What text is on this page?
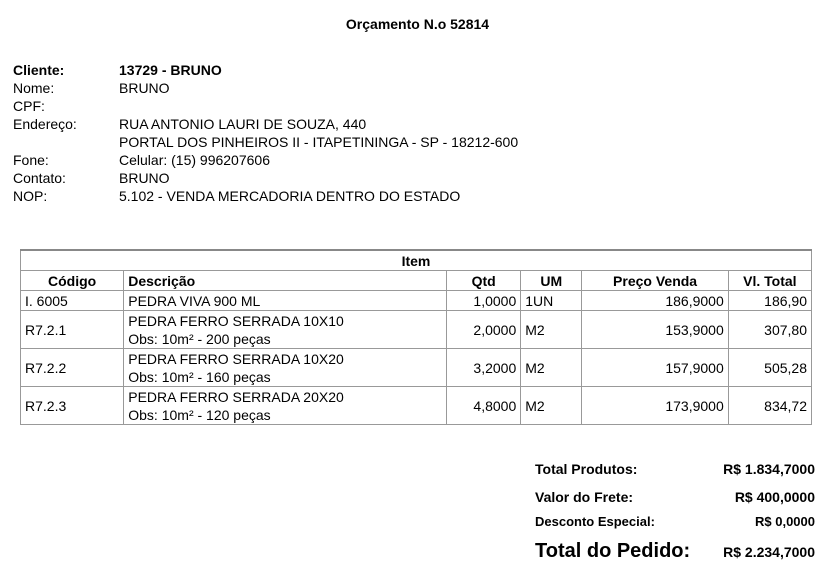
Orçamento N.o 52814
Cliente:	13729 - BRUNO
Nome:	BRUNO
CPF:
Endereço:	RUA ANTONIO LAURI DE SOUZA, 440
PORTAL DOS PINHEIROS II - ITAPETININGA - SP - 18212-600
Fone:	Celular: (15) 996207606
Contato:	BRUNO
NOP:	5.102 - VENDA MERCADORIA DENTRO DO ESTADO
Item					
Código	Descrição	Qtd	UM	Preço Venda	Vl. Total
I. 6005	PEDRA VIVA 900 ML	1,0000	1UN	186,9000	186,90
R7.2.1	PEDRA FERRO SERRADA 10X10
Obs: 10m² - 200 peças	2,0000	M2	153,9000	307,80
R7.2.2	PEDRA FERRO SERRADA 10X20
Obs: 10m² - 160 peças	3,2000	M2	157,9000	505,28
R7.2.3	PEDRA FERRO SERRADA 20X20
Obs: 10m² - 120 peças	4,8000	M2	173,9000	834,72
Total Produtos:	R$ 1.834,7000
Valor do Frete:	R$ 400,0000
Desconto Especial:	R$ 0,0000
Total do Pedido: R$ 2.234,7000
